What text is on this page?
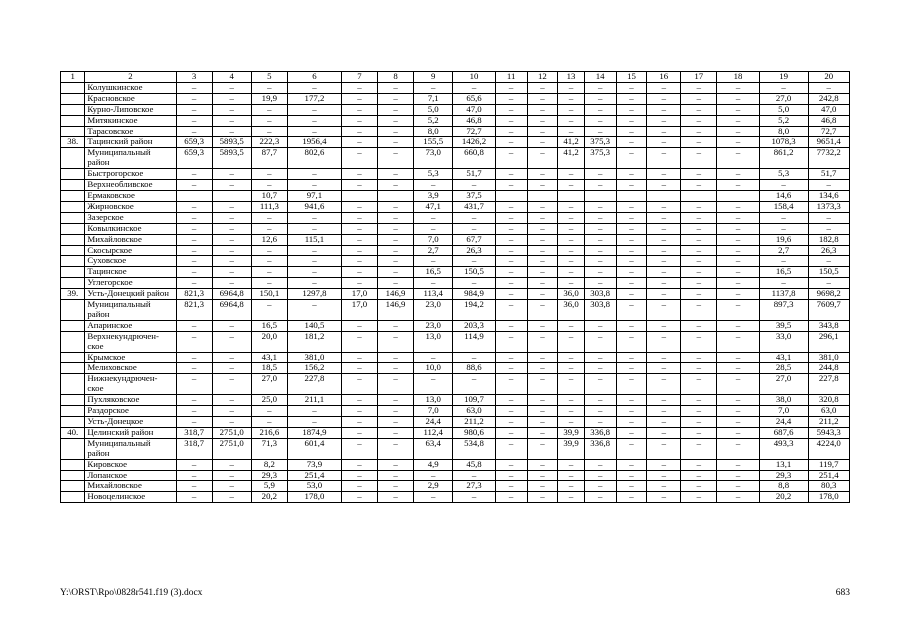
1	2	3	4	5	6	7	8	9	10	11	12	13	14	15	16	17	18	19	20
	Колушкинское	–	–	–	–	–	–	–	–	–	–	–	–	–	–	–	–	–	–
	Красновское	–	–	19,9	177,2	–	–	7,1	65,6	–	–	–	–	–	–	–	–	27,0	242,8
	Курно-Липовское	–	–	–	–	–	–	5,0	47,0	–	–	–	–	–	–	–	–	5,0	47,0
	Митякинское	–	–	–	–	–	–	5,2	46,8	–	–	–	–	–	–	–	–	5,2	46,8
	Тарасовское	–	–	–	–	–	–	8,0	72,7	–	–	–	–	–	–	–	–	8,0	72,7
38.	Тацинский район	659,3	5893,5	222,3	1956,4	–	–	155,5	1426,2	–	–	41,2	375,3	–	–	–	–	1078,3	9651,4
	Муниципальный район	659,3	5893,5	87,7	802,6	–	–	73,0	660,8	–	–	41,2	375,3	–	–	–	–	861,2	7732,2
	Быстрогорское	–	–	–	–	–	–	5,3	51,7	–	–	–	–	–	–	–	–	5,3	51,7
	Верхнеобливское	–	–	–	–	–	–	–	–	–	–	–	–	–	–	–	–	–	–
	Ермаковское			10,7	97,1			3,9	37,5									14,6	134,6
	Жирновское	–	–	111,3	941,6	–	–	47,1	431,7	–	–	–	–	–	–	–	–	158,4	1373,3
	Зазерское	–	–	–	–	–	–	–	–	–	–	–	–	–	–	–	–	–	–
	Ковылкинское	–	–	–	–	–	–	–	–	–	–	–	–	–	–	–	–	–	–
	Михайловское	–	–	12,6	115,1	–	–	7,0	67,7	–	–	–	–	–	–	–	–	19,6	182,8
	Скосырское	–	–	–	–	–	–	2,7	26,3	–	–	–	–	–	–	–	–	2,7	26,3
	Суховское	–	–	–	–	–	–	–	–	–	–	–	–	–	–	–	–	–	–
	Тацинское	–	–	–	–	–	–	16,5	150,5	–	–	–	–	–	–	–	–	16,5	150,5
	Углегорское	–	–	–	–	–	–	–	–	–	–	–	–	–	–	–	–	–	–
39.	Усть-Донецкий район	821,3	6964,8	150,1	1297,8	17,0	146,9	113,4	984,9	–	–	36,0	303,8	–	–	–	–	1137,8	9698,2
	Муниципальный район	821,3	6964,8	–	–	17,0	146,9	23,0	194,2	–	–	36,0	303,8	–	–	–	–	897,3	7609,7
	Апаринское	–	–	16,5	140,5	–	–	23,0	203,3	–	–	–	–	–	–	–	–	39,5	343,8
	Верхнекундрючен-ское	–	–	20,0	181,2	–	–	13,0	114,9	–	–	–	–	–	–	–	–	33,0	296,1
	Крымское	–	–	43,1	381,0	–	–	–	–	–	–	–	–	–	–	–	–	43,1	381,0
	Мелиховское	–	–	18,5	156,2	–	–	10,0	88,6	–	–	–	–	–	–	–	–	28,5	244,8
	Нижнекундрючен-ское	–	–	27,0	227,8	–	–	–	–	–	–	–	–	–	–	–	–	27,0	227,8
	Пухляковское	–	–	25,0	211,1	–	–	13,0	109,7	–	–	–	–	–	–	–	–	38,0	320,8
	Раздорское	–	–	–	–	–	–	7,0	63,0	–	–	–	–	–	–	–	–	7,0	63,0
	Усть-Донецкое	–	–	–	–	–	–	24,4	211,2	–	–	–	–	–	–	–	–	24,4	211,2
40.	Целинский район	318,7	2751,0	216,6	1874,9	–	–	112,4	980,6	–	–	39,9	336,8	–	–	–	–	687,6	5943,3
	Муниципальный район	318,7	2751,0	71,3	601,4	–	–	63,4	534,8	–	–	39,9	336,8	–	–	–	–	493,3	4224,0
	Кировское	–	–	8,2	73,9	–	–	4,9	45,8	–	–	–	–	–	–	–	–	13,1	119,7
	Лопанское	–	–	29,3	251,4	–	–	–	–	–	–	–	–	–	–	–	–	29,3	251,4
	Михайловское	–	–	5,9	53,0	–	–	2,9	27,3	–	–	–	–	–	–	–	–	8,8	80,3
	Новоцелинское	–	–	20,2	178,0	–	–	–	–	–	–	–	–	–	–	–	–	20,2	178,0
Y:\ORST\Rpo\0828r541.f19 (3).docx	683
